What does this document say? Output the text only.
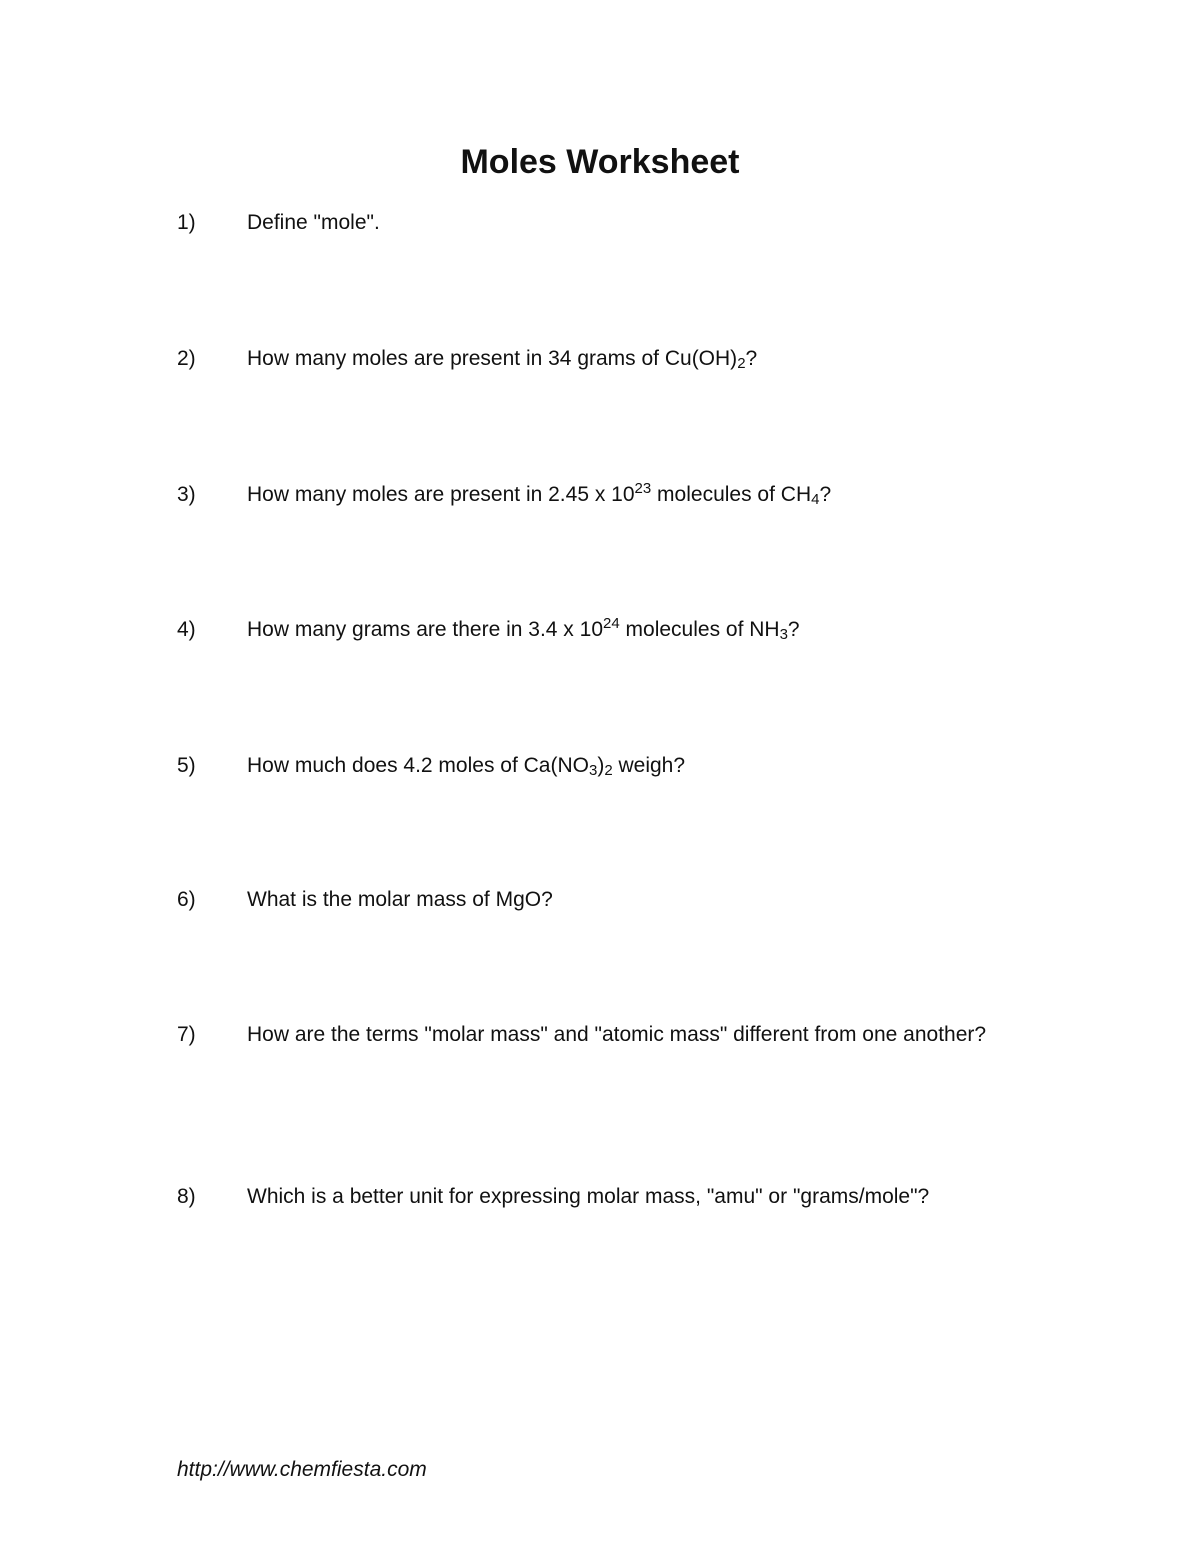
Moles Worksheet
1) Define "mole".
2) How many moles are present in 34 grams of $Cu(OH)_2$?
3) How many moles are present in 2.45 x $10^{23}$ molecules of $CH_4$?
4) How many grams are there in 3.4 x $10^{24}$ molecules of $NH_3$?
5) How much does 4.2 moles of $Ca(NO_3)_2$ weigh?
6) What is the molar mass of MgO?
7) How are the terms "molar mass" and "atomic mass" different from one another?
8) Which is a better unit for expressing molar mass, "amu" or "grams/mole"?
http://www.chemfiesta.com
